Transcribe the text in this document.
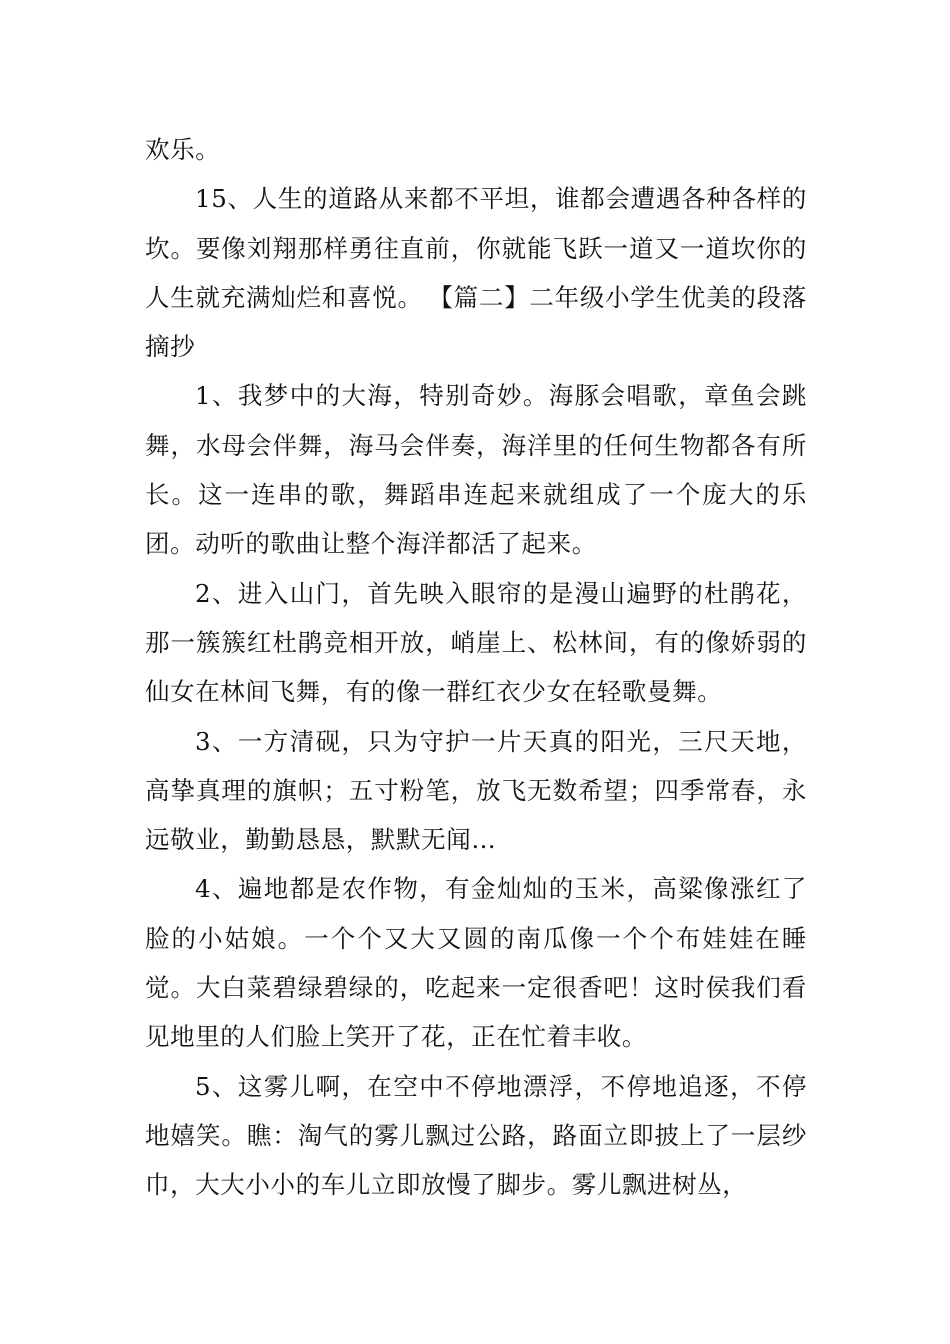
欢乐。

15、人生的道路从来都不平坦，谁都会遭遇各种各样的坎。要像刘翔那样勇往直前，你就能飞跃一道又一道坎你的人生就充满灿烂和喜悦。 【篇二】二年级小学生优美的段落摘抄

1、我梦中的大海，特别奇妙。海豚会唱歌，章鱼会跳舞，水母会伴舞，海马会伴奏，海洋里的任何生物都各有所长。这一连串的歌，舞蹈串连起来就组成了一个庞大的乐团。动听的歌曲让整个海洋都活了起来。

2、进入山门，首先映入眼帘的是漫山遍野的杜鹃花，那一簇簇红杜鹃竞相开放，峭崖上、松林间，有的像娇弱的仙女在林间飞舞，有的像一群红衣少女在轻歌曼舞。

3、一方清砚，只为守护一片天真的阳光，三尺天地，高挚真理的旗帜；五寸粉笔，放飞无数希望；四季常春，永远敬业，勤勤恳恳，默默无闻…

4、遍地都是农作物，有金灿灿的玉米，高粱像涨红了脸的小姑娘。一个个又大又圆的南瓜像一个个布娃娃在睡觉。大白菜碧绿碧绿的，吃起来一定很香吧！这时侯我们看见地里的人们脸上笑开了花，正在忙着丰收。

5、这雾儿啊，在空中不停地漂浮，不停地追逐，不停地嬉笑。瞧：淘气的雾儿飘过公路，路面立即披上了一层纱巾，大大小小的车儿立即放慢了脚步。雾儿飘进树丛，
